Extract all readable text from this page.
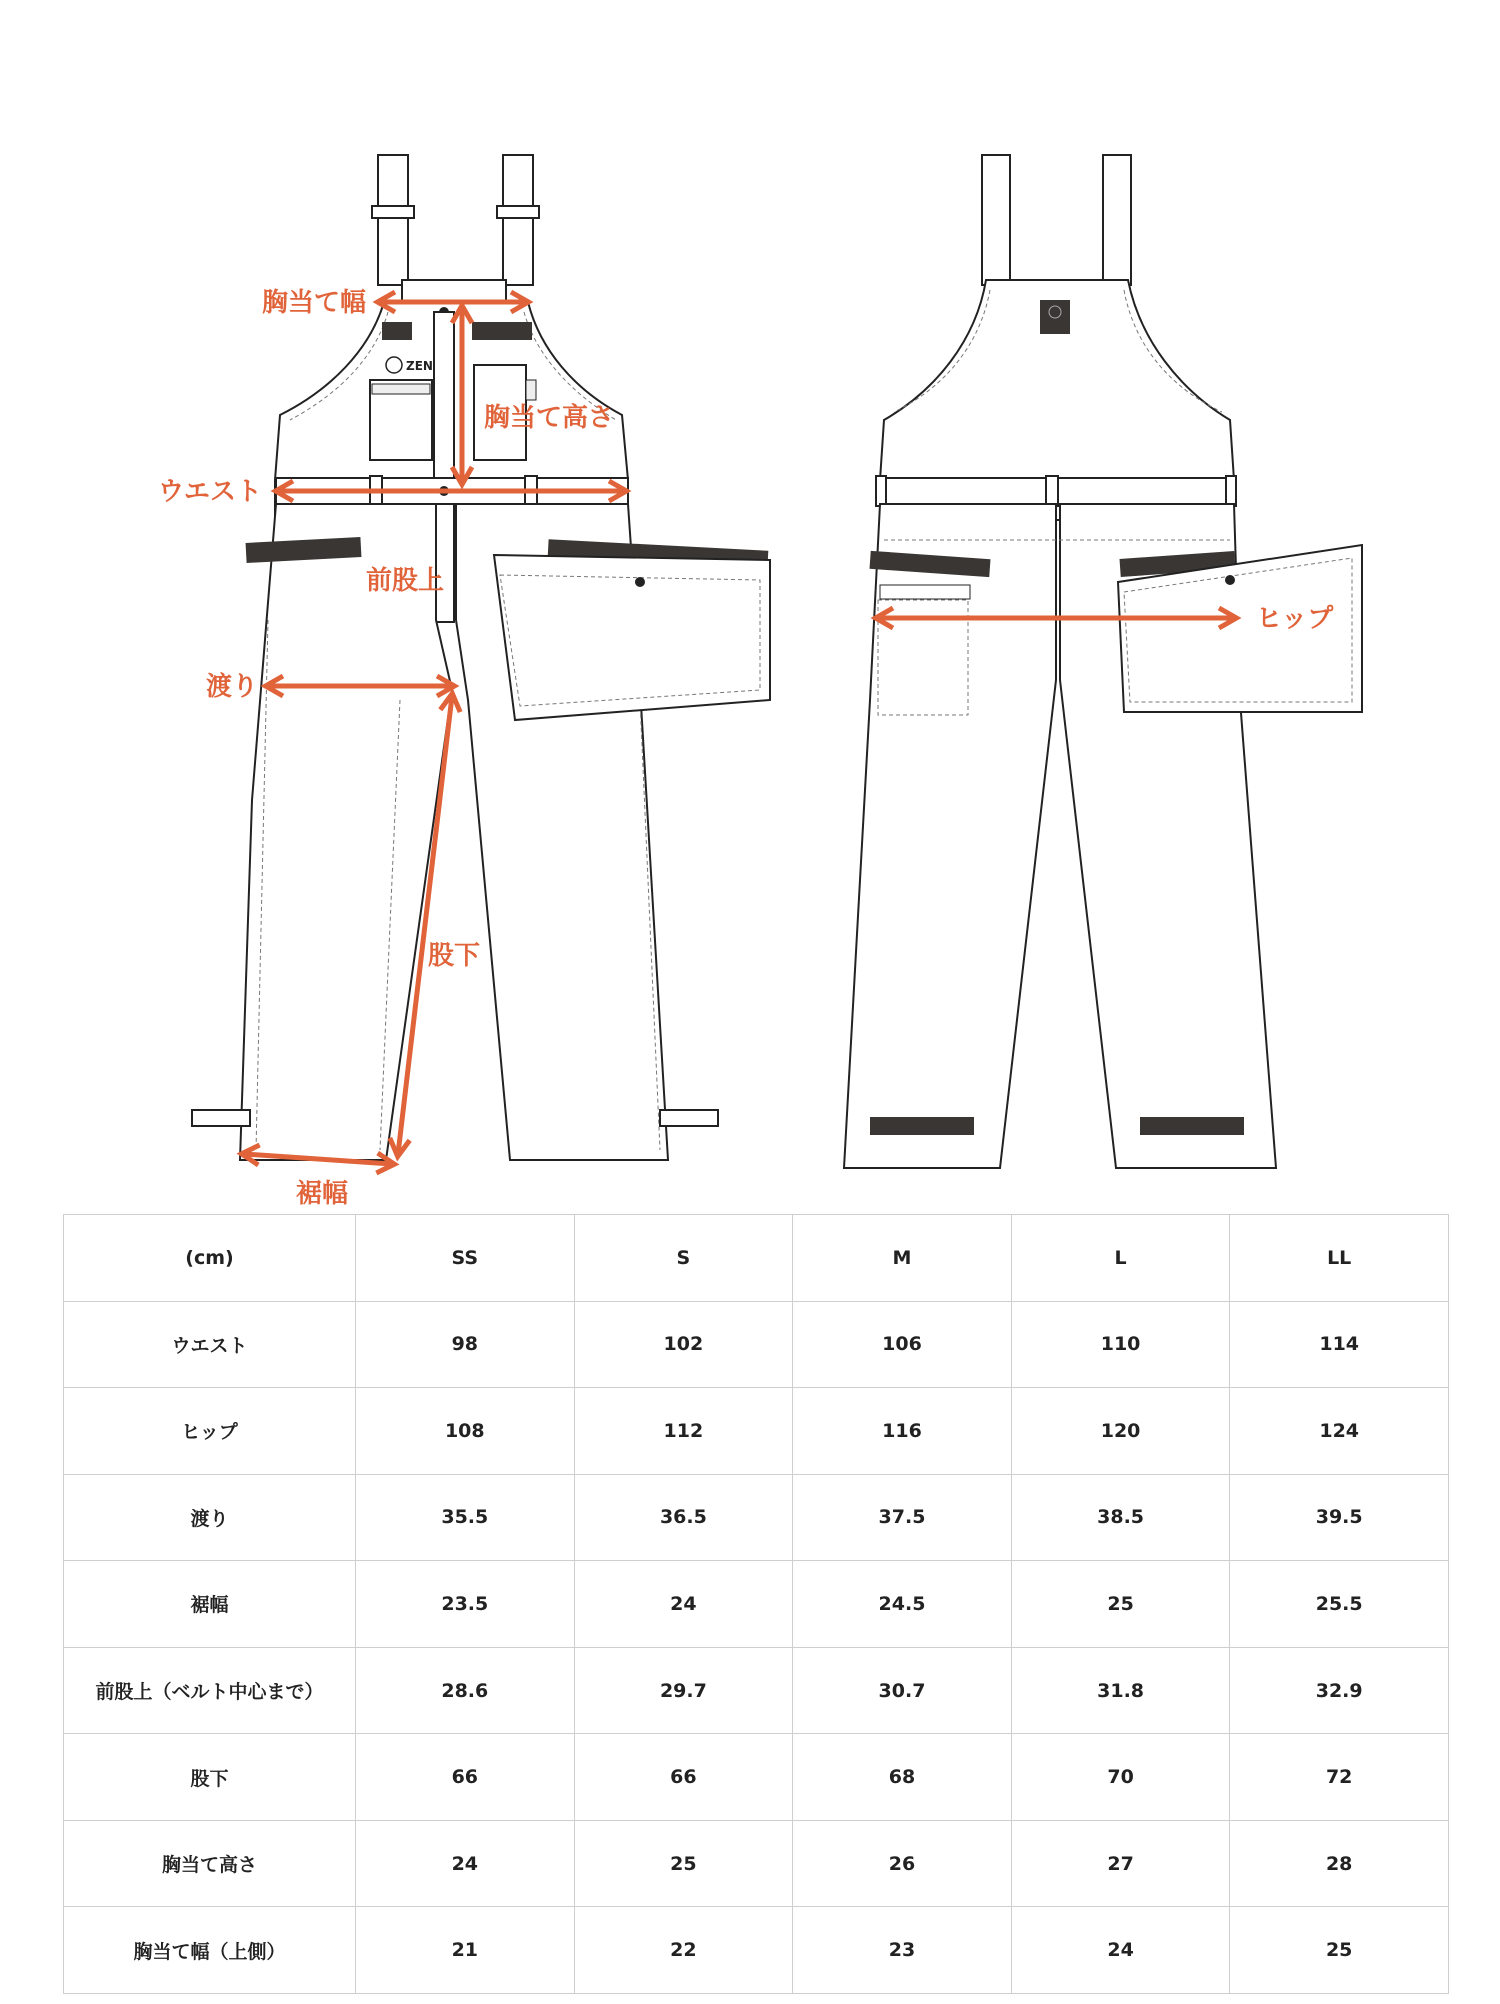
ZEN
胸当て幅
胸当て高さ
ウエスト
前股上
渡り
股下
裾幅
ヒップ
(cm)	SS	S	M	L	LL
ウエスト	98	102	106	110	114
ヒップ	108	112	116	120	124
渡り	35.5	36.5	37.5	38.5	39.5
裾幅	23.5	24	24.5	25	25.5
前股上（ベルト中心まで）	28.6	29.7	30.7	31.8	32.9
股下	66	66	68	70	72
胸当て高さ	24	25	26	27	28
胸当て幅（上側）	21	22	23	24	25
